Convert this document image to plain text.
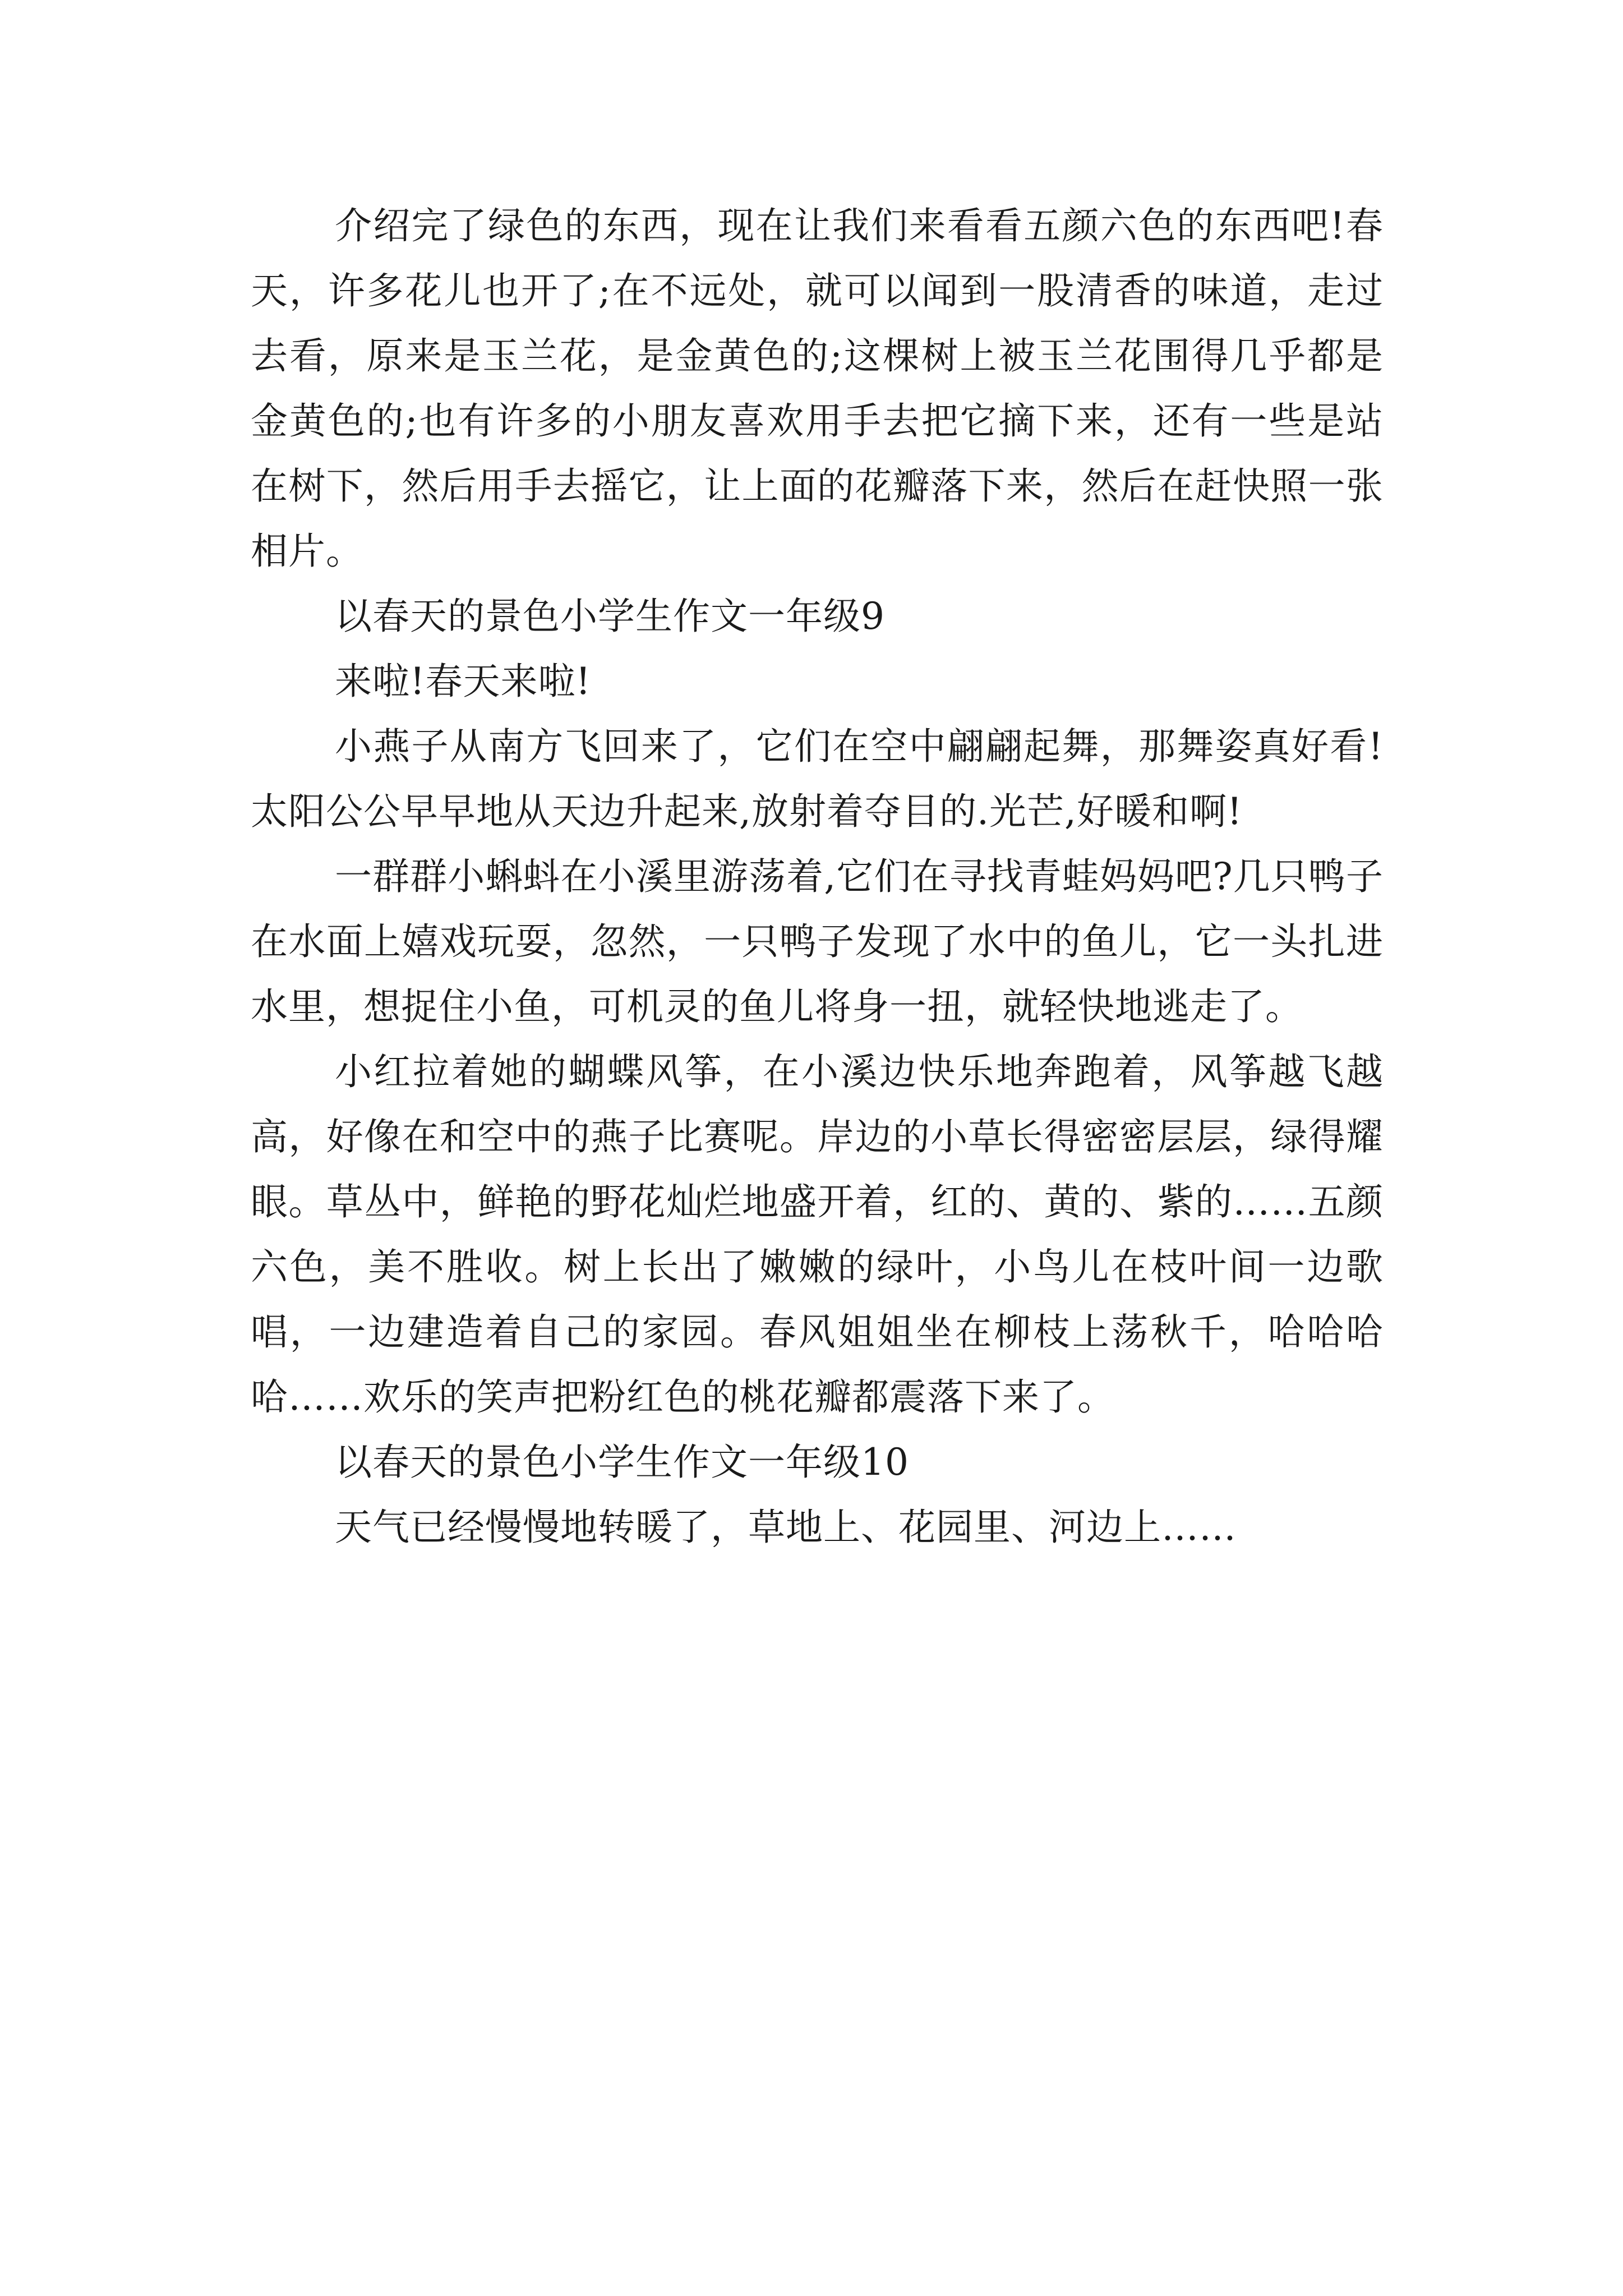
介绍完了绿色的东西，现在让我们来看看五颜六色的东西吧!春天，许多花儿也开了;在不远处，就可以闻到一股清香的味道，走过去看，原来是玉兰花，是金黄色的;这棵树上被玉兰花围得几乎都是金黄色的;也有许多的小朋友喜欢用手去把它摘下来，还有一些是站在树下，然后用手去摇它，让上面的花瓣落下来，然后在赶快照一张相片。

以春天的景色小学生作文一年级9

来啦!春天来啦!

小燕子从南方飞回来了，它们在空中翩翩起舞，那舞姿真好看!太阳公公早早地从天边升起来,放射着夺目的.光芒,好暖和啊!

一群群小蝌蚪在小溪里游荡着,它们在寻找青蛙妈妈吧?几只鸭子在水面上嬉戏玩耍，忽然，一只鸭子发现了水中的鱼儿，它一头扎进水里，想捉住小鱼，可机灵的鱼儿将身一扭，就轻快地逃走了。

小红拉着她的蝴蝶风筝，在小溪边快乐地奔跑着，风筝越飞越高，好像在和空中的燕子比赛呢。岸边的小草长得密密层层，绿得耀眼。草丛中，鲜艳的野花灿烂地盛开着，红的、黄的、紫的……五颜六色，美不胜收。树上长出了嫩嫩的绿叶，小鸟儿在枝叶间一边歌唱，一边建造着自己的家园。春风姐姐坐在柳枝上荡秋千，哈哈哈哈……欢乐的笑声把粉红色的桃花瓣都震落下来了。

以春天的景色小学生作文一年级10

天气已经慢慢地转暖了，草地上、花园里、河边上……
